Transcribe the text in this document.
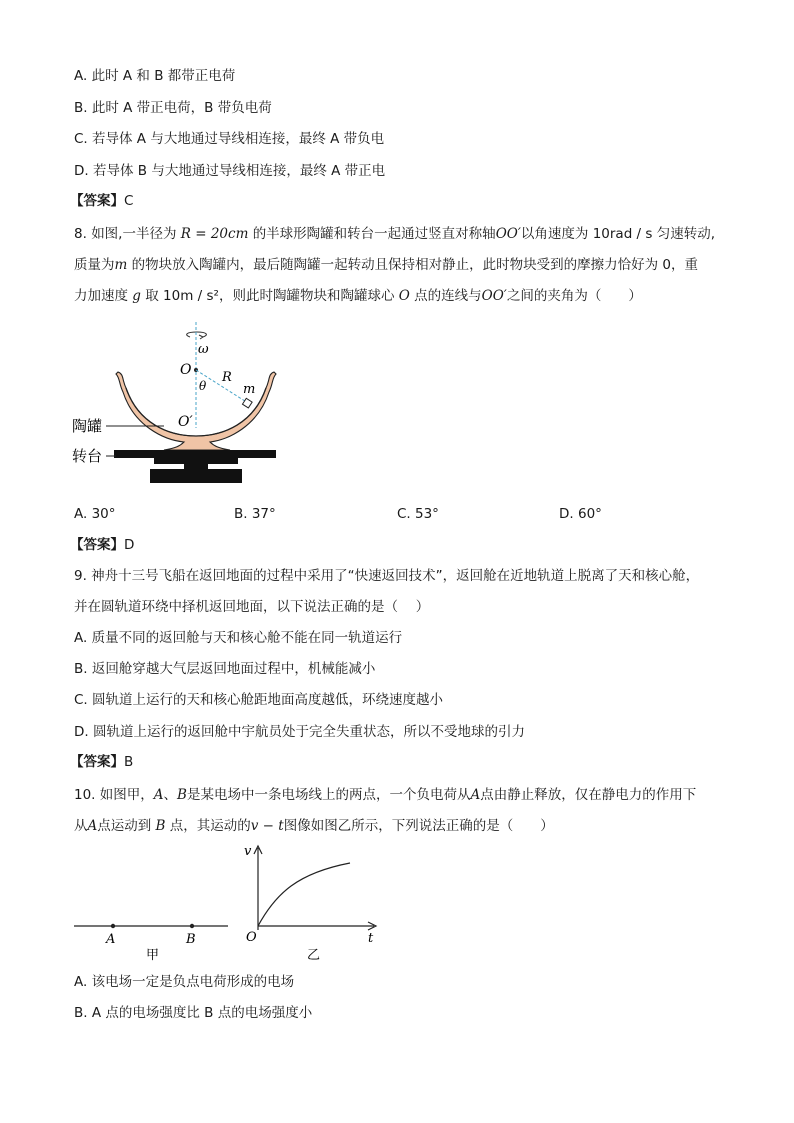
A. 此时 A 和 B 都带正电荷
B. 此时 A 带正电荷，B 带负电荷
C. 若导体 A 与大地通过导线相连接，最终 A 带负电
D. 若导体 B 与大地通过导线相连接，最终 A 带正电
【答案】C
8. 如图,一半径为 R = 20cm 的半球形陶罐和转台一起通过竖直对称轴OO′以角速度为 10rad / s 匀速转动,
质量为m 的物块放入陶罐内，最后随陶罐一起转动且保持相对静止，此时物块受到的摩擦力恰好为 0，重
力加速度 g 取 10m / s²，则此时陶罐物块和陶罐球心 O 点的连线与OO′之间的夹角为（　　）
ω
O R
θ	m
O′
陶罐
转台
A. 30°	B. 37°	C. 53°	D. 60°
【答案】D
9. 神舟十三号飞船在返回地面的过程中采用了“快速返回技术”，返回舱在近地轨道上脱离了天和核心舱，
并在圆轨道环绕中择机返回地面，以下说法正确的是（　 ）
A. 质量不同的返回舱与天和核心舱不能在同一轨道运行
B. 返回舱穿越大气层返回地面过程中，机械能减小
C. 圆轨道上运行的天和核心舱距地面高度越低，环绕速度越小
D. 圆轨道上运行的返回舱中宇航员处于完全失重状态，所以不受地球的引力
【答案】B
10. 如图甲，A、B是某电场中一条电场线上的两点，一个负电荷从A点由静止释放，仅在静电力的作用下
从A点运动到 B 点，其运动的v − t图像如图乙所示，下列说法正确的是（　　）
A	B
甲
v
O	t
乙
A. 该电场一定是负点电荷形成的电场
B. A 点的电场强度比 B 点的电场强度小
